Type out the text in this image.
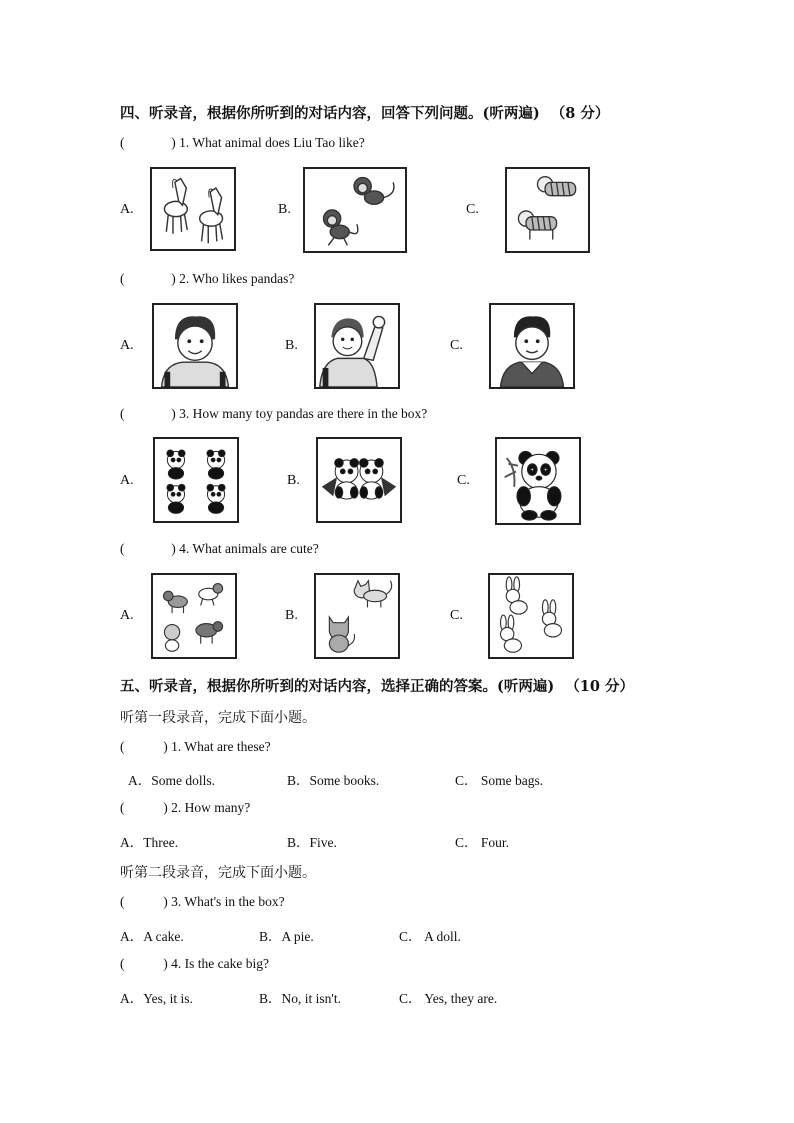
四、听录音，根据你所听到的对话内容，回答下列问题。(听两遍) （8 分）
(	) 1. What animal does Liu Tao like?
A.	B.	C.
(	) 2. Who likes pandas?
A.	B.	C.
(	) 3. How many toy pandas are there in the box?
A.	B.	C.
(	) 4. What animals are cute?
A.	B.	C.
五、听录音，根据你所听到的对话内容，选择正确的答案。(听两遍) （10 分）
听第一段录音，完成下面小题。
(	) 1. What are these?
A．Some dolls.	B．Some books.	C． Some bags.
(	) 2. How many?
A．Three.	B．Five.	C． Four.
听第二段录音，完成下面小题。
(	) 3. What's in the box?
A．A cake.	B．A pie.	C． A doll.
(	) 4. Is the cake big?
A．Yes, it is.	B．No, it isn't.	C． Yes, they are.
